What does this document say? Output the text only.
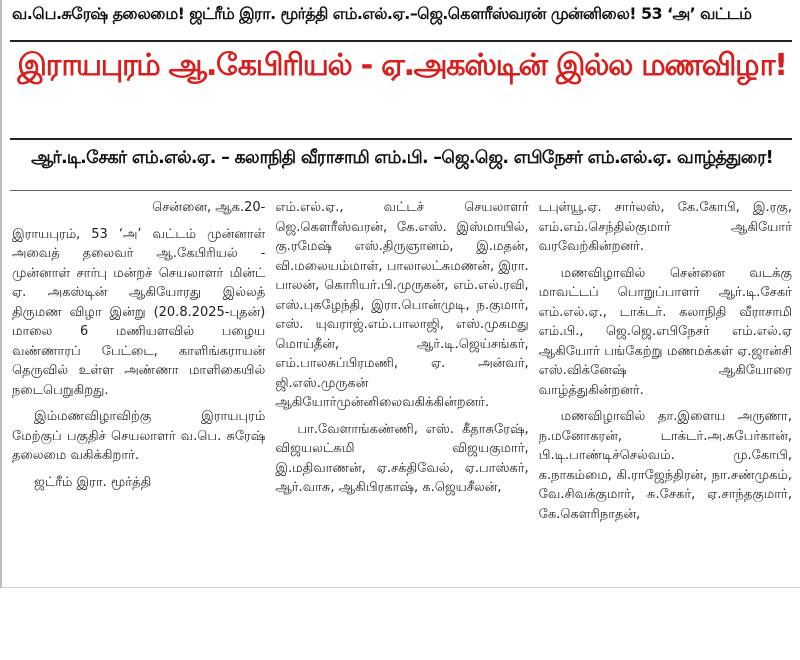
வ.பெ.சுரேஷ் தலைமை! ஜட்ரீம் இரா. மூர்த்தி எம்.எல்.ஏ.–ஜெ.கௌரீஸ்வரன் முன்னிலை! 53 ‘அ’ வட்டம்
இராயபுரம் ஆ.கேபிரியல் - ஏ.அகஸ்டின் இல்ல மணவிழா!
ஆர்.டி.சேகர் எம்.எல்.ஏ. – கலாநிதி வீராசாமி எம்.பி. –ஜெ.ஜெ. எபிநேசர் எம்.எல்.ஏ. வாழ்த்துரை!

சென்னை, ஆக.20-

இராயபுரம், 53 ‘அ’ வட்டம் முன்னாள் அவைத் தலைவர் ஆ.கேபிரியல் - முன்னாள் சார்பு மன்றச் செயலாளர் மின்ட் ஏ. அகஸ்டின் ஆகியோரது இல்லத் திருமண விழா இன்று (20.8.2025-புதன்) மாலை 6 மணியளவில் பழைய வண்ணாரப் பேட்டை, காளிங்கராயன் தெருவில் உள்ள அண்ணா மாளிகையில் நடைபெறுகிறது.

இம்மணவிழாவிற்கு இராயபுரம் மேற்குப் பகுதிச் செயலாளர் வ.பெ. சுரேஷ் தலைமை வகிக்கிறார்.

ஜட்ரீம் இரா. மூர்த்தி

எம்.எல்.ஏ., வட்டச் செயலாளர் ஜெ.கௌரீஸ்வரன், கே.எஸ். இஸ்மாயில், கு.ரமேஷ் எஸ்.திருஞானம், இ.மதன், வி.மலையம்மாள், பாலாலட்சுமணன், இரா. பாலன், கொரியர்.பி.முருகன், எம்.எல்.ரவி, எஸ்.புகழேந்தி, இரா.பொன்முடி, ந.குமார், எஸ். யுவராஜ்.எம்.பாலாஜி, எஸ்.முகமது மொய்தீன், ஆர்.டி.ஜெய்சங்கர், எம்.பாலசுப்பிரமணி, ஏ. அன்வர், ஜி.எஸ்.முருகன் ஆகியோர்முன்னிலைவகிக்கின்றனர்.

பா.வேளாங்கண்ணி, எஸ். கீதாசுரேஷ், விஜயலட்சுமி விஜயகுமார், இ.மதிவாணன், ஏ.சக்திவேல், ஏ.பாஸ்கர், ஆர்.வாசு, ஆகிபிரகாஷ், க.ஜெயசீலன்,

டபுள்யூ.ஏ. சார்லஸ், கே.கோபி, இ.ரகு, எம்.எம்.செந்தில்குமார் ஆகியோர் வரவேற்கின்றனர்.

மணவிழாவில் சென்னை வடக்கு மாவட்டப் பொறுப்பாளர் ஆர்.டி.சேகர் எம்.எல்.ஏ., டாக்டர். கலாநிதி வீராசாமி எம்.பி., ஜெ.ஜெ.எபிநேசர் எம்.எல்.ஏ ஆகியோர் பங்கேற்று மணமக்கள் ஏ.ஜான்சி எஸ்.விக்னேஷ் ஆகியோரை வாழ்த்துகின்றனர்.

மணவிழாவில் தா.இளைய அருணா, ந.மனோகரன், டாக்டர்.அ.சுபேர்கான், பி.டி.பாண்டிச்செல்வம். மு.கோபி, க.நாகம்மை, கி.ராஜேந்திரன், நா.சண்முகம், வே.சிவக்குமார், சு.சேகர், ஏ.சாந்தகுமார், கே.கௌரிநாதன்,
